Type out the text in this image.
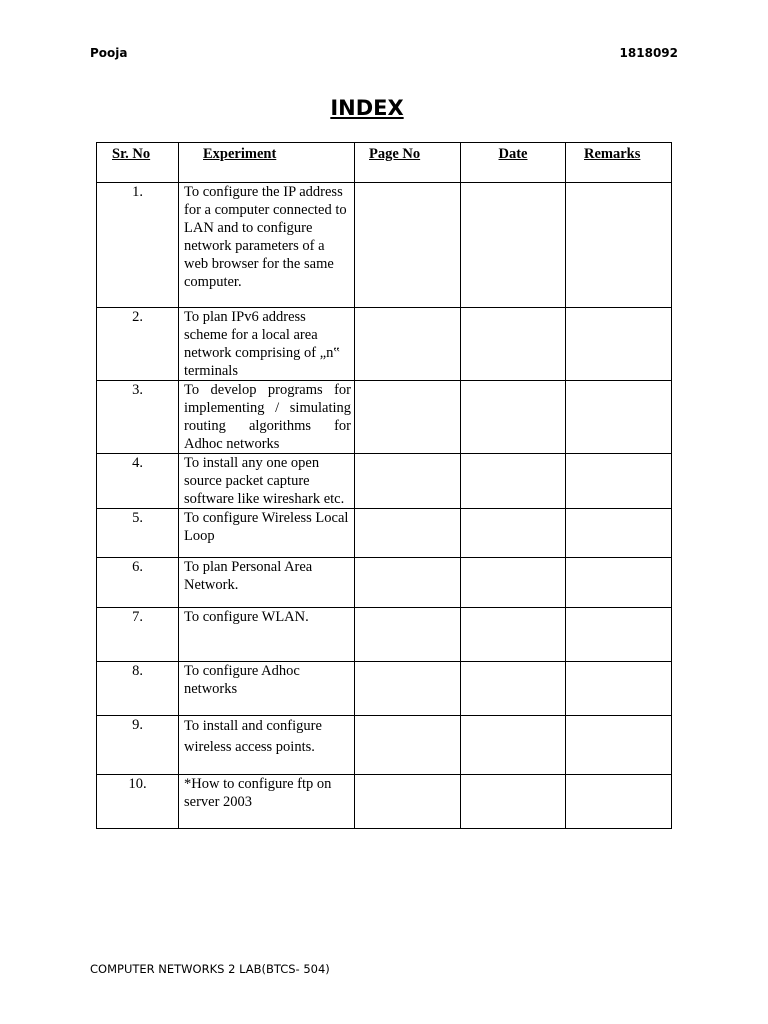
Pooja	1818092
INDEX
Sr. No	Experiment	Page No	Date	Remarks
1.	To configure the IP address for a computer connected to LAN and to configure network parameters of a web browser for the same computer.			
2.	To plan IPv6 address scheme for a local area network comprising of „n‟ terminals			
3.	To develop programs for implementing / simulating routing algorithms for Adhoc networks			
4.	To install any one open source packet capture software like wireshark etc.			
5.	To configure Wireless Local Loop			
6.	To plan Personal Area Network.			
7.	To configure WLAN.			
8.	To configure Adhoc networks			
9.	To install and configure wireless access points.			
10.	*How to configure ftp on server 2003			
COMPUTER NETWORKS 2 LAB(BTCS- 504)
